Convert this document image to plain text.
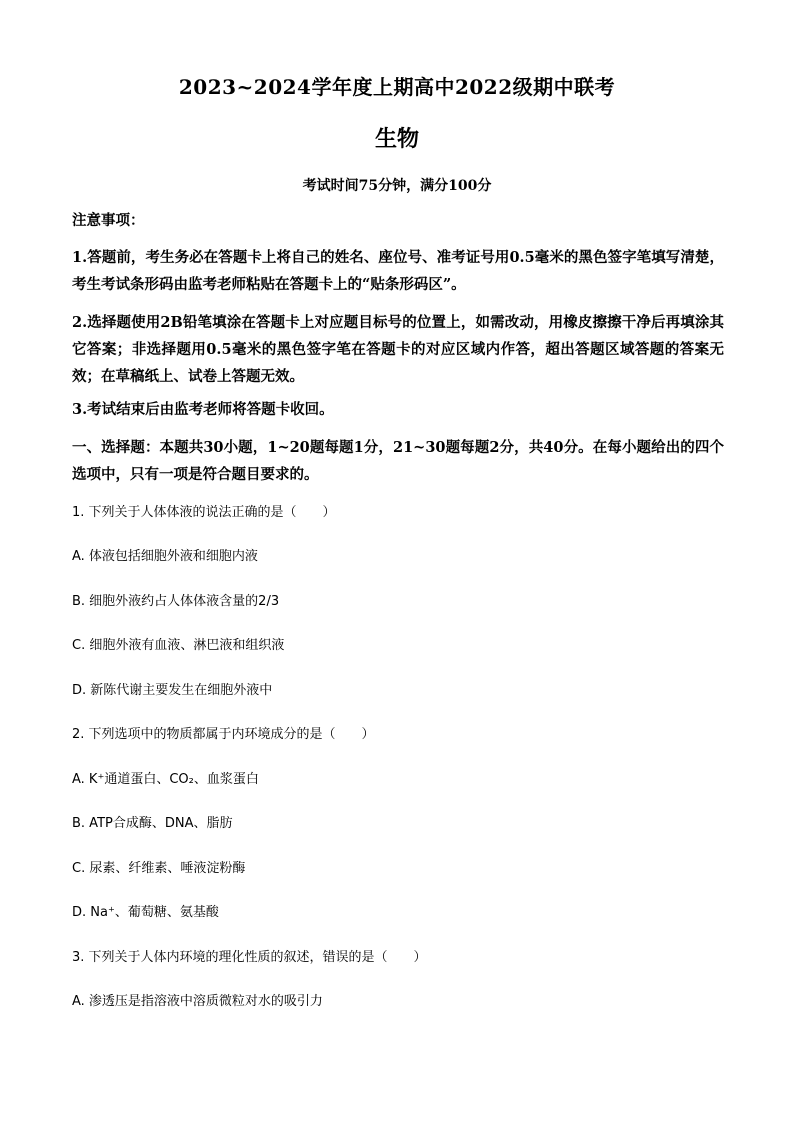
2023~2024学年度上期高中2022级期中联考
生物
考试时间75分钟，满分100分
注意事项：
1.答题前，考生务必在答题卡上将自己的姓名、座位号、准考证号用0.5毫米的黑色签字笔填写清楚，考生考试条形码由监考老师粘贴在答题卡上的“贴条形码区”。
2.选择题使用2B铅笔填涂在答题卡上对应题目标号的位置上，如需改动，用橡皮擦擦干净后再填涂其它答案；非选择题用0.5毫米的黑色签字笔在答题卡的对应区域内作答，超出答题区域答题的答案无效；在草稿纸上、试卷上答题无效。
3.考试结束后由监考老师将答题卡收回。
一、选择题：本题共30小题，1~20题每题1分，21~30题每题2分，共40分。在每小题给出的四个选项中，只有一项是符合题目要求的。
1. 下列关于人体体液的说法正确的是（　　）
A. 体液包括细胞外液和细胞内液
B. 细胞外液约占人体体液含量的2/3
C. 细胞外液有血液、淋巴液和组织液
D. 新陈代谢主要发生在细胞外液中
2. 下列选项中的物质都属于内环境成分的是（　　）
A. K⁺通道蛋白、CO₂、血浆蛋白
B. ATP合成酶、DNA、脂肪
C. 尿素、纤维素、唾液淀粉酶
D. Na⁺、葡萄糖、氨基酸
3. 下列关于人体内环境的理化性质的叙述，错误的是（　　）
A. 渗透压是指溶液中溶质微粒对水的吸引力
